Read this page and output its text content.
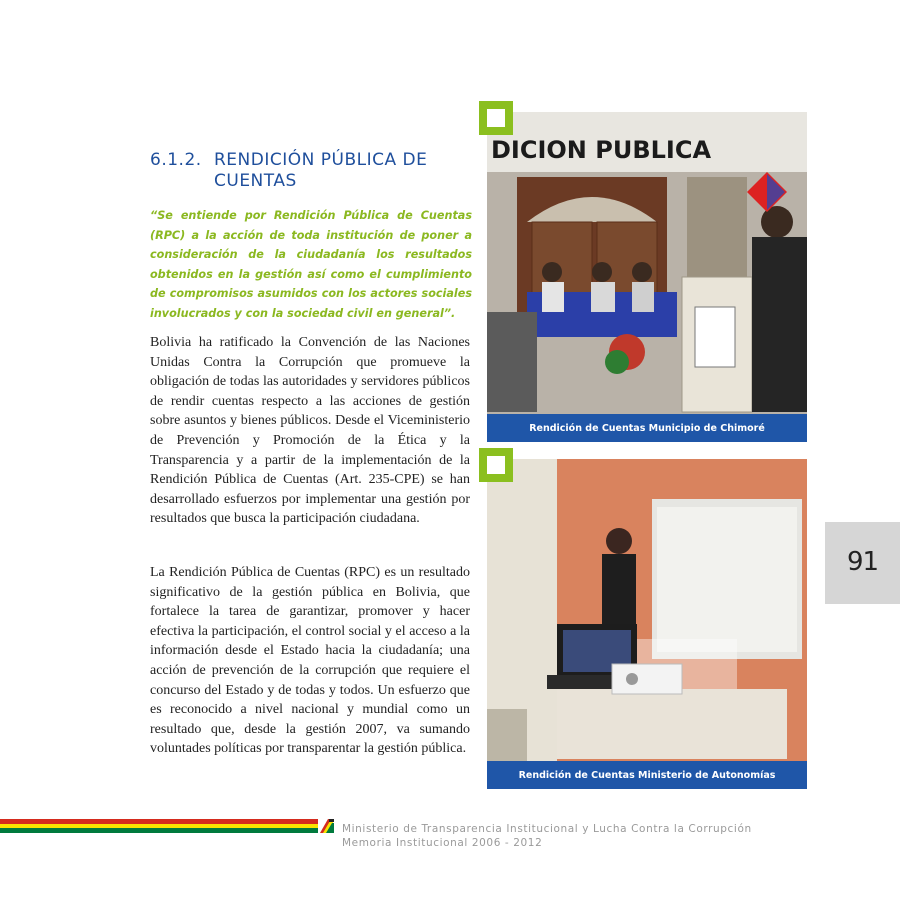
6.1.2. RENDICIÓN PÚBLICA DE CUENTAS

“Se entiende por Rendición Pública de Cuentas (RPC) a la acción de toda institución de poner a consideración de la ciudadanía los resultados obtenidos en la gestión así como el cumplimiento de compromisos asumidos con los actores sociales involucrados y con la sociedad civil en general”.

Bolivia ha ratificado la Convención de las Naciones Unidas Contra la Corrupción que promueve la obligación de todas las autoridades y servidores públicos de rendir cuentas respecto a las acciones de gestión sobre asuntos y bienes públicos. Desde el Viceministerio de Prevención y Promoción de la Ética y la Transparencia y a partir de la implementación de la Rendición Pública de Cuentas (Art. 235-CPE) se han desarrollado esfuerzos por implementar una gestión por resultados que busca la participación ciudadana.

La Rendición Pública de Cuentas (RPC) es un resultado significativo de la gestión pública en Bolivia, que fortalece la tarea de garantizar, promover y hacer efectiva la participación, el control social y el acceso a la información desde el Estado hacia la ciudadanía; una acción de prevención de la corrupción que requiere el concurso del Estado y de todas y todos. Un esfuerzo que es reconocido a nivel nacional y mundial como un resultado que, desde la gestión 2007, va sumando voluntades políticas por transparentar la gestión pública.

DICION PUBLICA
Rendición de Cuentas Municipio de Chimoré
Rendición de Cuentas Ministerio de Autonomías
91
Ministerio de Transparencia Institucional y Lucha Contra la Corrupción
Memoria Institucional 2006 - 2012
